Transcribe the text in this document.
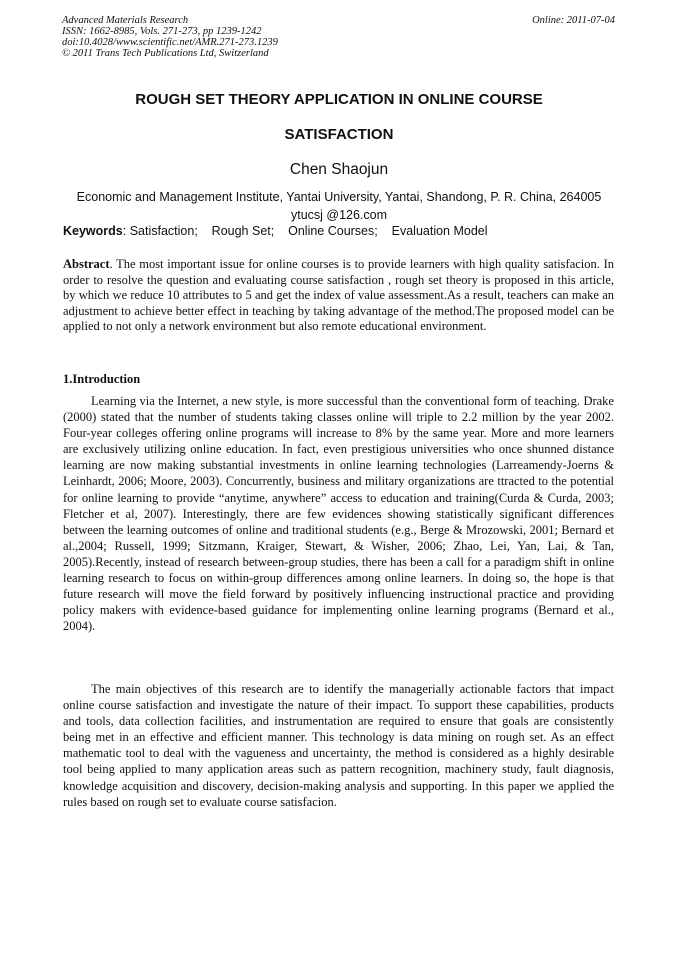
Advanced Materials Research
ISSN: 1662-8985, Vols. 271-273, pp 1239-1242
doi:10.4028/www.scientific.net/AMR.271-273.1239
© 2011 Trans Tech Publications Ltd, Switzerland
Online: 2011-07-04
ROUGH SET THEORY APPLICATION IN ONLINE COURSE
SATISFACTION
Chen Shaojun
Economic and Management Institute, Yantai University, Yantai, Shandong, P. R. China, 264005
ytucsj @126.com
Keywords: Satisfaction;    Rough Set;    Online Courses;    Evaluation Model
Abstract. The most important issue for online courses is to provide learners with high quality satisfacion. In order to resolve the question and evaluating course satisfaction , rough set theory is proposed in this article, by which we reduce 10 attributes to 5 and get the index of value assessment.As a result, teachers can make an adjustment to achieve better effect in teaching by taking advantage of the method.The proposed model can be applied to not only a network environment but also remote educational environment.
1.Introduction
Learning via the Internet, a new style, is more successful than the conventional form of teaching. Drake (2000) stated that the number of students taking classes online will triple to 2.2 million by the year 2002. Four-year colleges offering online programs will increase to 8% by the same year. More and more learners are exclusively utilizing online education. In fact, even prestigious universities who once shunned distance learning are now making substantial investments in online learning technologies (Larreamendy-Joerns & Leinhardt, 2006; Moore, 2003). Concurrently, business and military organizations are ttracted to the potential for online learning to provide “anytime, anywhere” access to education and training(Curda & Curda, 2003; Fletcher et al, 2007). Interestingly, there are few evidences showing statistically significant differences between the learning outcomes of online and traditional students (e.g., Berge & Mrozowski, 2001; Bernard et al.,2004; Russell, 1999; Sitzmann, Kraiger, Stewart, & Wisher, 2006; Zhao, Lei, Yan, Lai, & Tan, 2005).Recently, instead of research between-group studies, there has been a call for a paradigm shift in online learning research to focus on within-group differences among online learners. In doing so, the hope is that future research will move the field forward by positively influencing instructional practice and providing policy makers with evidence-based guidance for implementing online learning programs (Bernard et al., 2004).
The main objectives of this research are to identify the managerially actionable factors that impact online course satisfaction and investigate the nature of their impact. To support these capabilities, products and tools, data collection facilities, and instrumentation are required to ensure that goals are consistently being met in an effective and efficient manner. This technology is data mining on rough set. As an effect mathematic tool to deal with the vagueness and uncertainty, the method is considered as a highly desirable tool being applied to many application areas such as pattern recognition, machinery study, fault diagnosis, knowledge acquisition and discovery, decision-making analysis and supporting. In this paper we applied the rules based on rough set to evaluate course satisfacion.
